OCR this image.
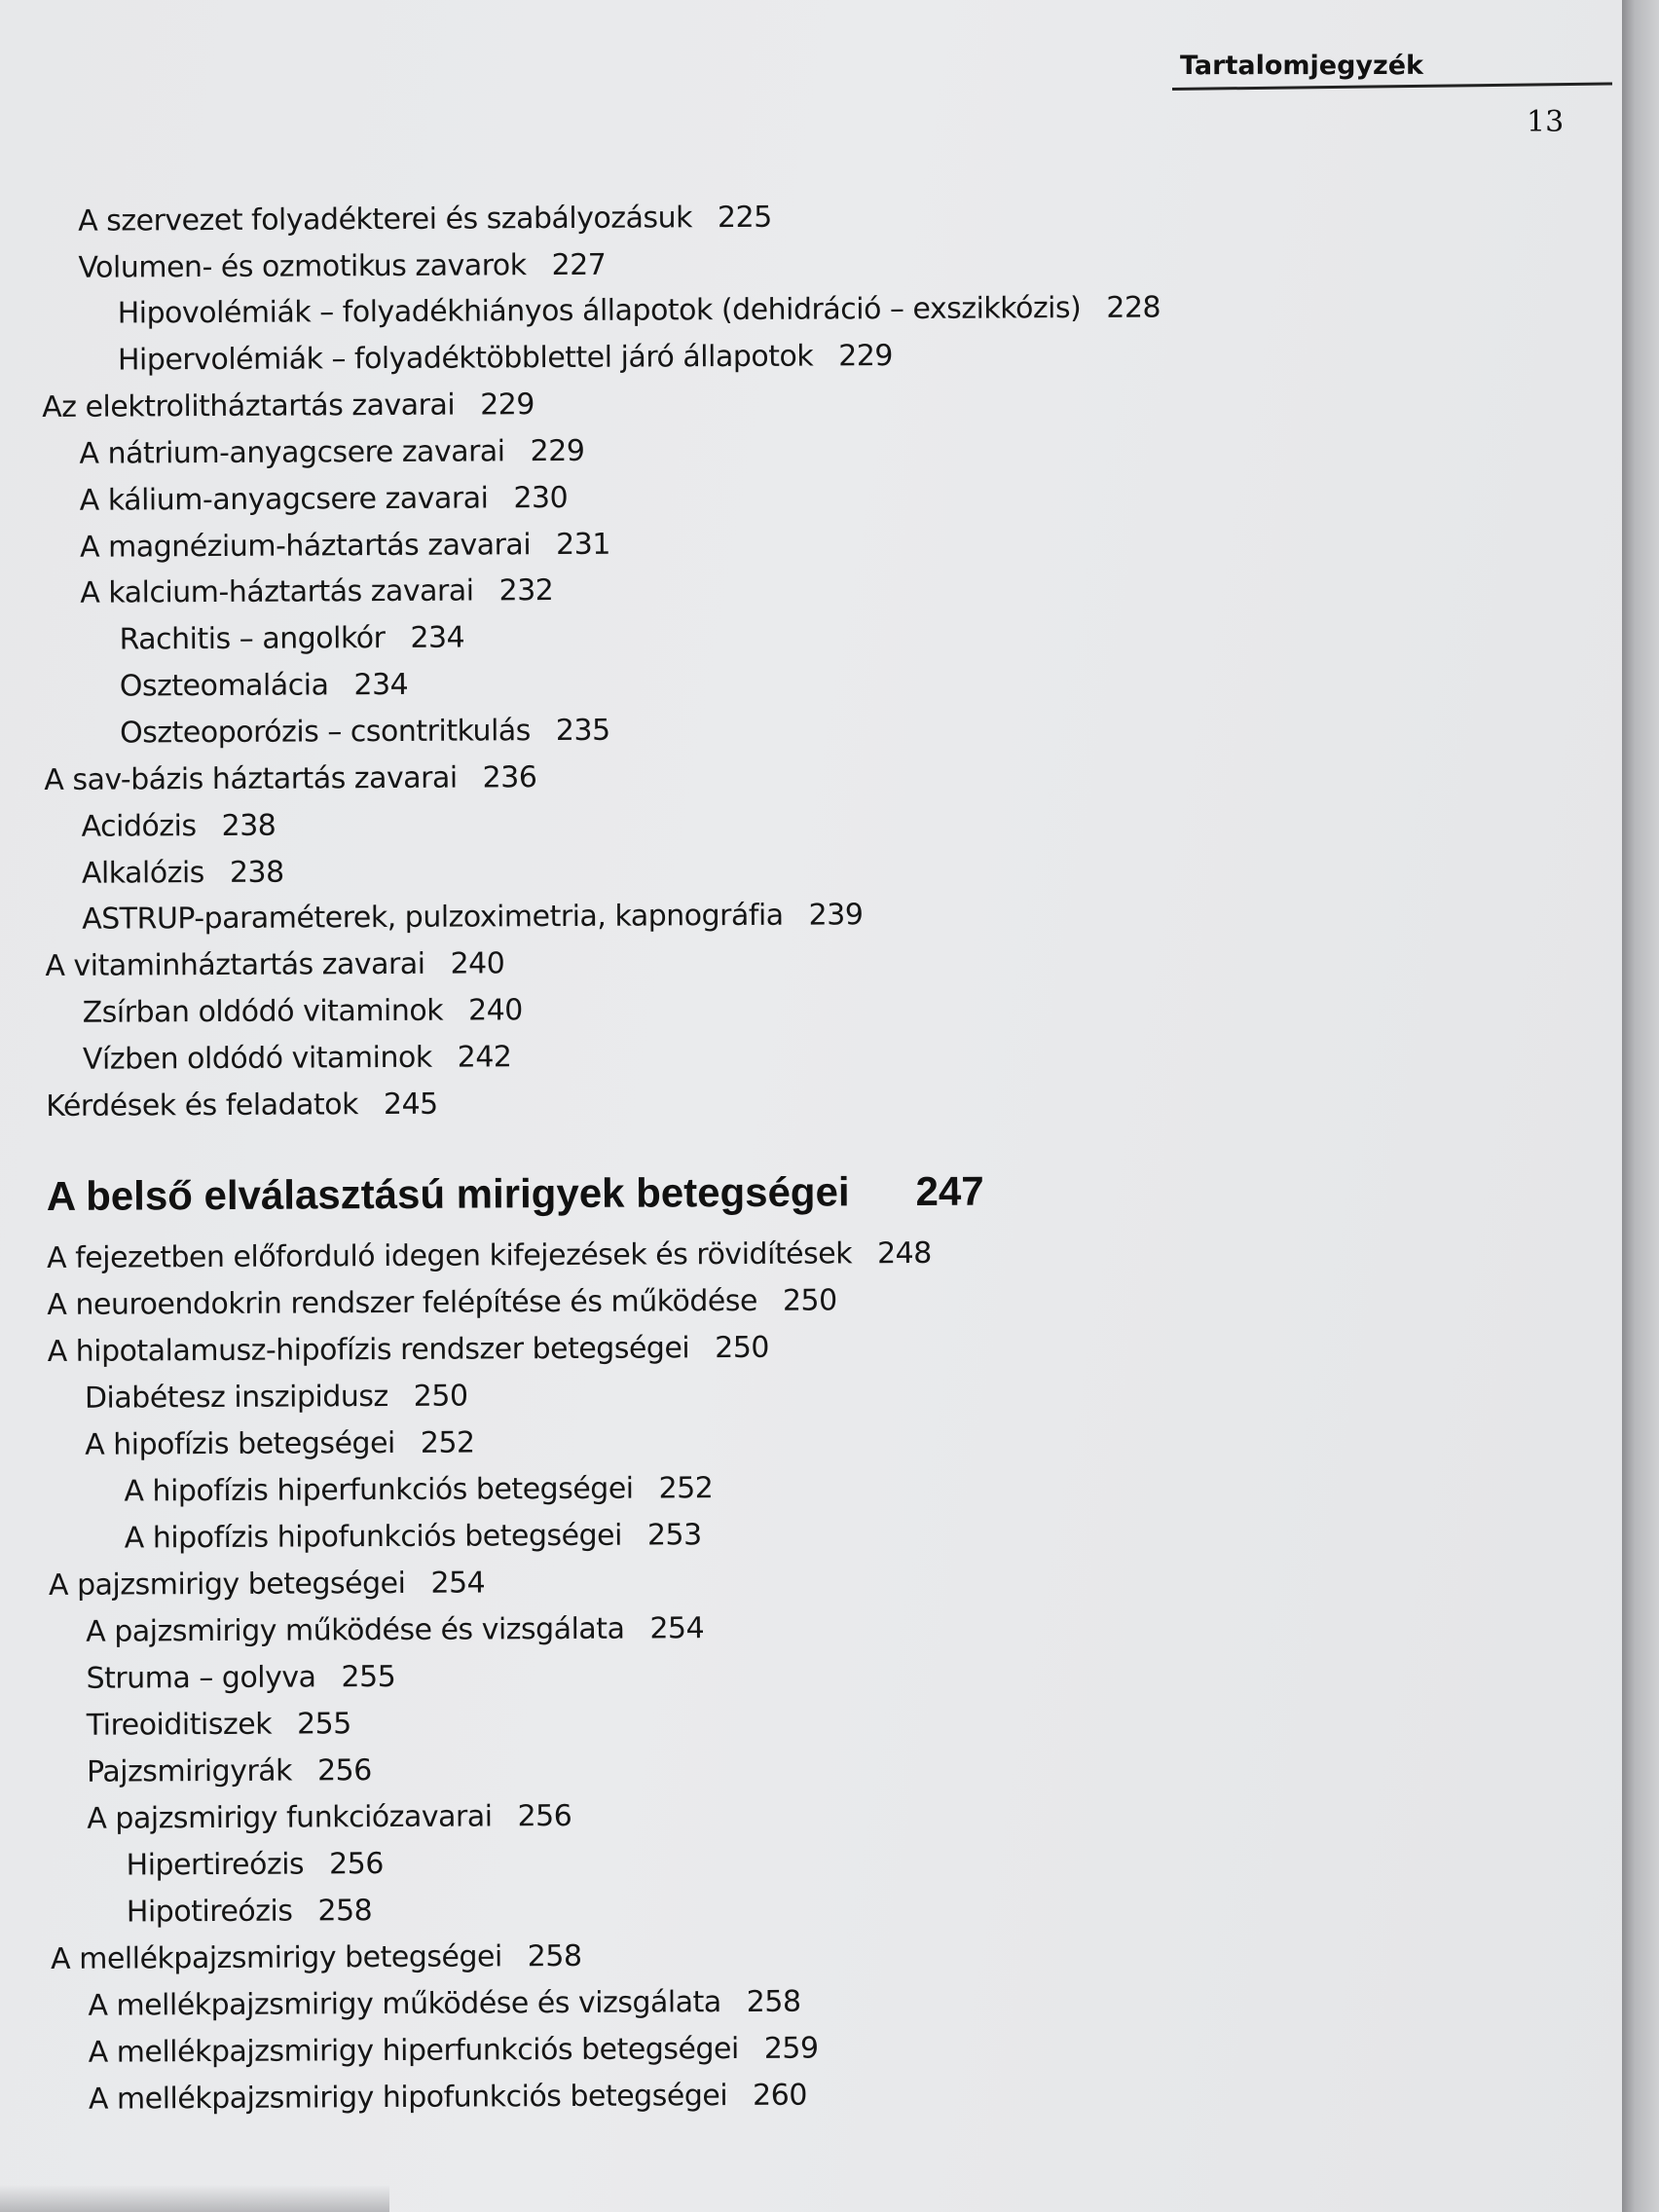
Tartalomjegyzék
13
A szervezet folyadékterei és szabályozásuk 225
Volumen- és ozmotikus zavarok 227
Hipovolémiák – folyadékhiányos állapotok (dehidráció – exszikkózis) 228
Hipervolémiák – folyadéktöbblettel járó állapotok 229
Az elektrolitháztartás zavarai 229
A nátrium-anyagcsere zavarai 229
A kálium-anyagcsere zavarai 230
A magnézium-háztartás zavarai 231
A kalcium-háztartás zavarai 232
Rachitis – angolkór 234
Oszteomalácia 234
Oszteoporózis – csontritkulás 235
A sav-bázis háztartás zavarai 236
Acidózis 238
Alkalózis 238
ASTRUP-paraméterek, pulzoximetria, kapnográfia 239
A vitaminháztartás zavarai 240
Zsírban oldódó vitaminok 240
Vízben oldódó vitaminok 242
Kérdések és feladatok 245
A belső elválasztású mirigyek betegségei 247
A fejezetben előforduló idegen kifejezések és rövidítések 248
A neuroendokrin rendszer felépítése és működése 250
A hipotalamusz-hipofízis rendszer betegségei 250
Diabétesz inszipidusz 250
A hipofízis betegségei 252
A hipofízis hiperfunkciós betegségei 252
A hipofízis hipofunkciós betegségei 253
A pajzsmirigy betegségei 254
A pajzsmirigy működése és vizsgálata 254
Struma – golyva 255
Tireoiditiszek 255
Pajzsmirigyrák 256
A pajzsmirigy funkciózavarai 256
Hipertireózis 256
Hipotireózis 258
A mellékpajzsmirigy betegségei 258
A mellékpajzsmirigy működése és vizsgálata 258
A mellékpajzsmirigy hiperfunkciós betegségei 259
A mellékpajzsmirigy hipofunkciós betegségei 260
